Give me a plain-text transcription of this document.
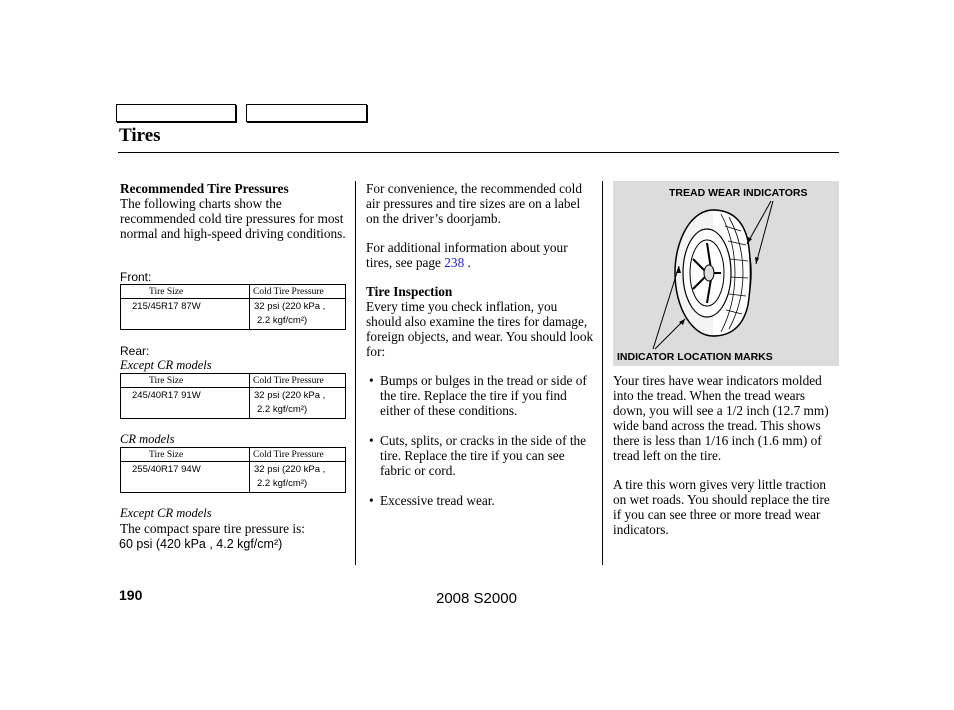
Tires

Recommended Tire Pressures

The following charts show the recommended cold tire pressures for most normal and high-speed driving conditions.

Front:
Tire Size	Cold Tire Pressure
215/45R17 87W	32 psi (220 kPa ,
2.2 kgf/cm²)
Rear:
Except CR models
Tire Size	Cold Tire Pressure
245/40R17 91W	32 psi (220 kPa ,
2.2 kgf/cm²)
CR models
Tire Size	Cold Tire Pressure
255/40R17 94W	32 psi (220 kPa ,
2.2 kgf/cm²)
Except CR models
The compact spare tire pressure is:
60 psi (420 kPa , 4.2 kgf/cm²)

For convenience, the recommended cold air pressures and tire sizes are on a label on the driver’s doorjamb.

For additional information about your tires, see page 238 .

Tire Inspection

Every time you check inflation, you should also examine the tires for damage, foreign objects, and wear. You should look for:

• Bumps or bulges in the tread or side of the tire. Replace the tire if you find either of these conditions.
• Cuts, splits, or cracks in the side of the tire. Replace the tire if you can see fabric or cord.
• Excessive tread wear.
TREAD WEAR INDICATORS
INDICATOR LOCATION MARKS

Your tires have wear indicators molded into the tread. When the tread wears down, you will see a 1/2 inch (12.7 mm) wide band across the tread. This shows there is less than 1/16 inch (1.6 mm) of tread left on the tire.

A tire this worn gives very little traction on wet roads. You should replace the tire if you can see three or more tread wear indicators.

190	2008 S2000
